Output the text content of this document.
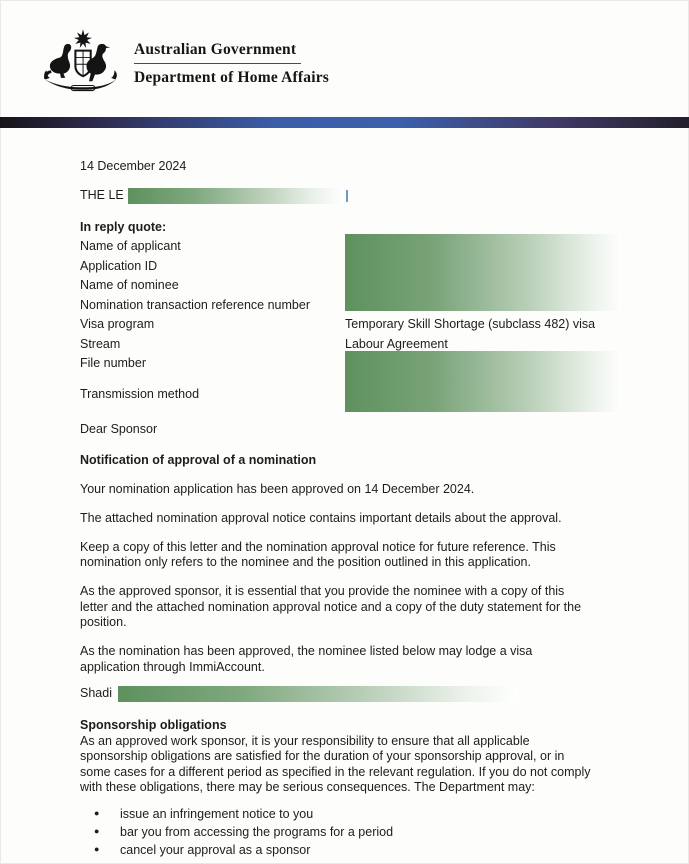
Australian Government
Department of Home Affairs
14 December 2024
THE LE
In reply quote:
Name of applicant
Application ID
Name of nominee
Nomination transaction reference number
Visa program
Stream
File number
Transmission method
Temporary Skill Shortage (subclass 482) visa
Labour Agreement
Dear Sponsor
Notification of approval of a nomination
Your nomination application has been approved on 14 December 2024.
The attached nomination approval notice contains important details about the approval.
Keep a copy of this letter and the nomination approval notice for future reference. This
nomination only refers to the nominee and the position outlined in this application.
As the approved sponsor, it is essential that you provide the nominee with a copy of this
letter and the attached nomination approval notice and a copy of the duty statement for the
position.
As the nomination has been approved, the nominee listed below may lodge a visa
application through ImmiAccount.
Shadi
Sponsorship obligations
As an approved work sponsor, it is your responsibility to ensure that all applicable
sponsorship obligations are satisfied for the duration of your sponsorship approval, or in
some cases for a different period as specified in the relevant regulation. If you do not comply
with these obligations, there may be serious consequences. The Department may:
● issue an infringement notice to you
● bar you from accessing the programs for a period
● cancel your approval as a sponsor
